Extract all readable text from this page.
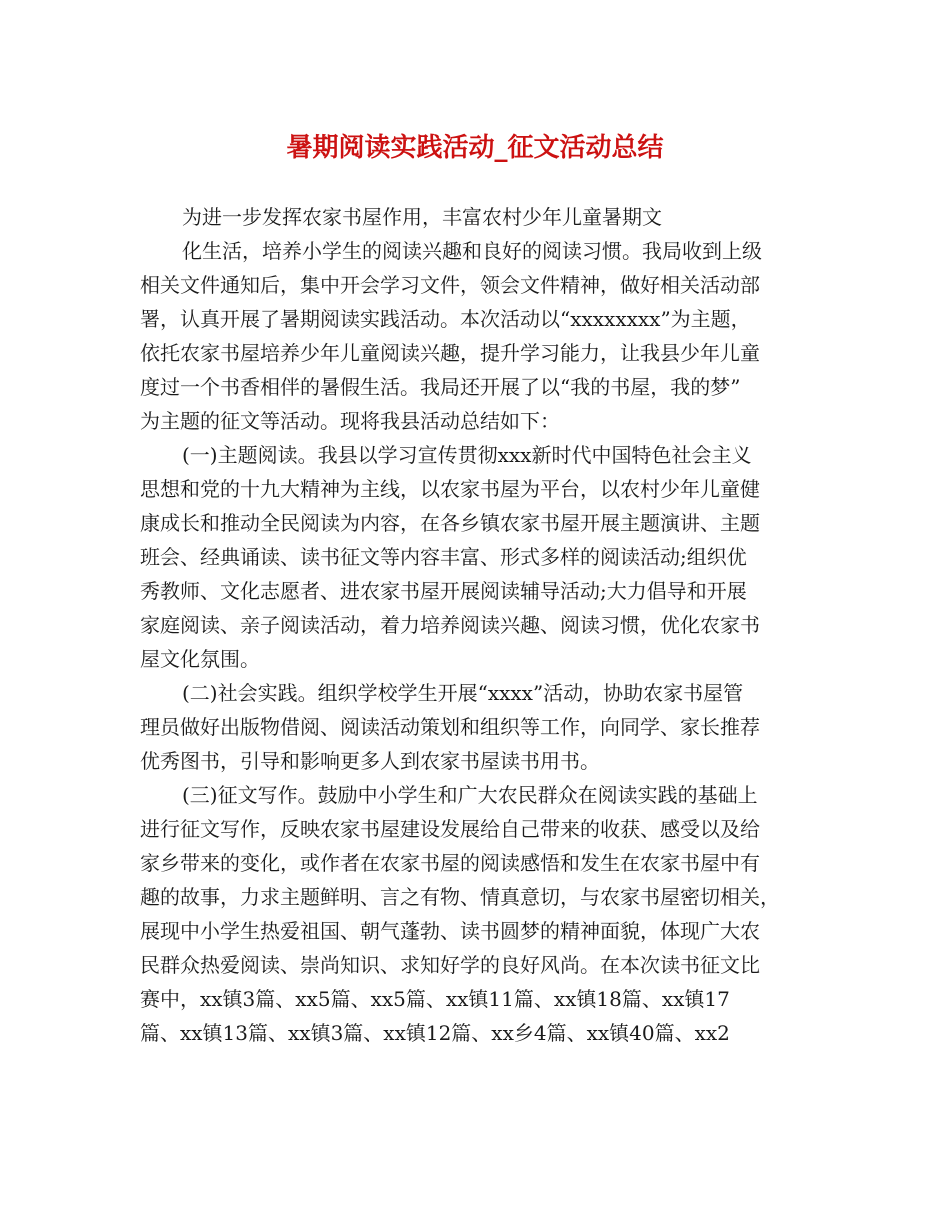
暑期阅读实践活动_征文活动总结

为进一步发挥农家书屋作用，丰富农村少年儿童暑期文

化生活，培养小学生的阅读兴趣和良好的阅读习惯。我局收到上级

相关文件通知后，集中开会学习文件，领会文件精神，做好相关活动部

署，认真开展了暑期阅读实践活动。本次活动以“xxxxxxxx”为主题，

依托农家书屋培养少年儿童阅读兴趣，提升学习能力，让我县少年儿童

度过一个书香相伴的暑假生活。我局还开展了以“我的书屋，我的梦”

为主题的征文等活动。现将我县活动总结如下：

(一)主题阅读。我县以学习宣传贯彻xxx新时代中国特色社会主义

思想和党的十九大精神为主线，以农家书屋为平台，以农村少年儿童健

康成长和推动全民阅读为内容，在各乡镇农家书屋开展主题演讲、主题

班会、经典诵读、读书征文等内容丰富、形式多样的阅读活动;组织优

秀教师、文化志愿者、进农家书屋开展阅读辅导活动;大力倡导和开展

家庭阅读、亲子阅读活动，着力培养阅读兴趣、阅读习惯，优化农家书

屋文化氛围。

(二)社会实践。组织学校学生开展“xxxx”活动，协助农家书屋管

理员做好出版物借阅、阅读活动策划和组织等工作，向同学、家长推荐

优秀图书，引导和影响更多人到农家书屋读书用书。

(三)征文写作。鼓励中小学生和广大农民群众在阅读实践的基础上

进行征文写作，反映农家书屋建设发展给自己带来的收获、感受以及给

家乡带来的变化，或作者在农家书屋的阅读感悟和发生在农家书屋中有

趣的故事，力求主题鲜明、言之有物、情真意切，与农家书屋密切相关，

展现中小学生热爱祖国、朝气蓬勃、读书圆梦的精神面貌，体现广大农

民群众热爱阅读、崇尚知识、求知好学的良好风尚。在本次读书征文比

赛中，xx镇3篇、xx5篇、xx5篇、xx镇11篇、xx镇18篇、xx镇17

篇、xx镇13篇、xx镇3篇、xx镇12篇、xx乡4篇、xx镇40篇、xx2
